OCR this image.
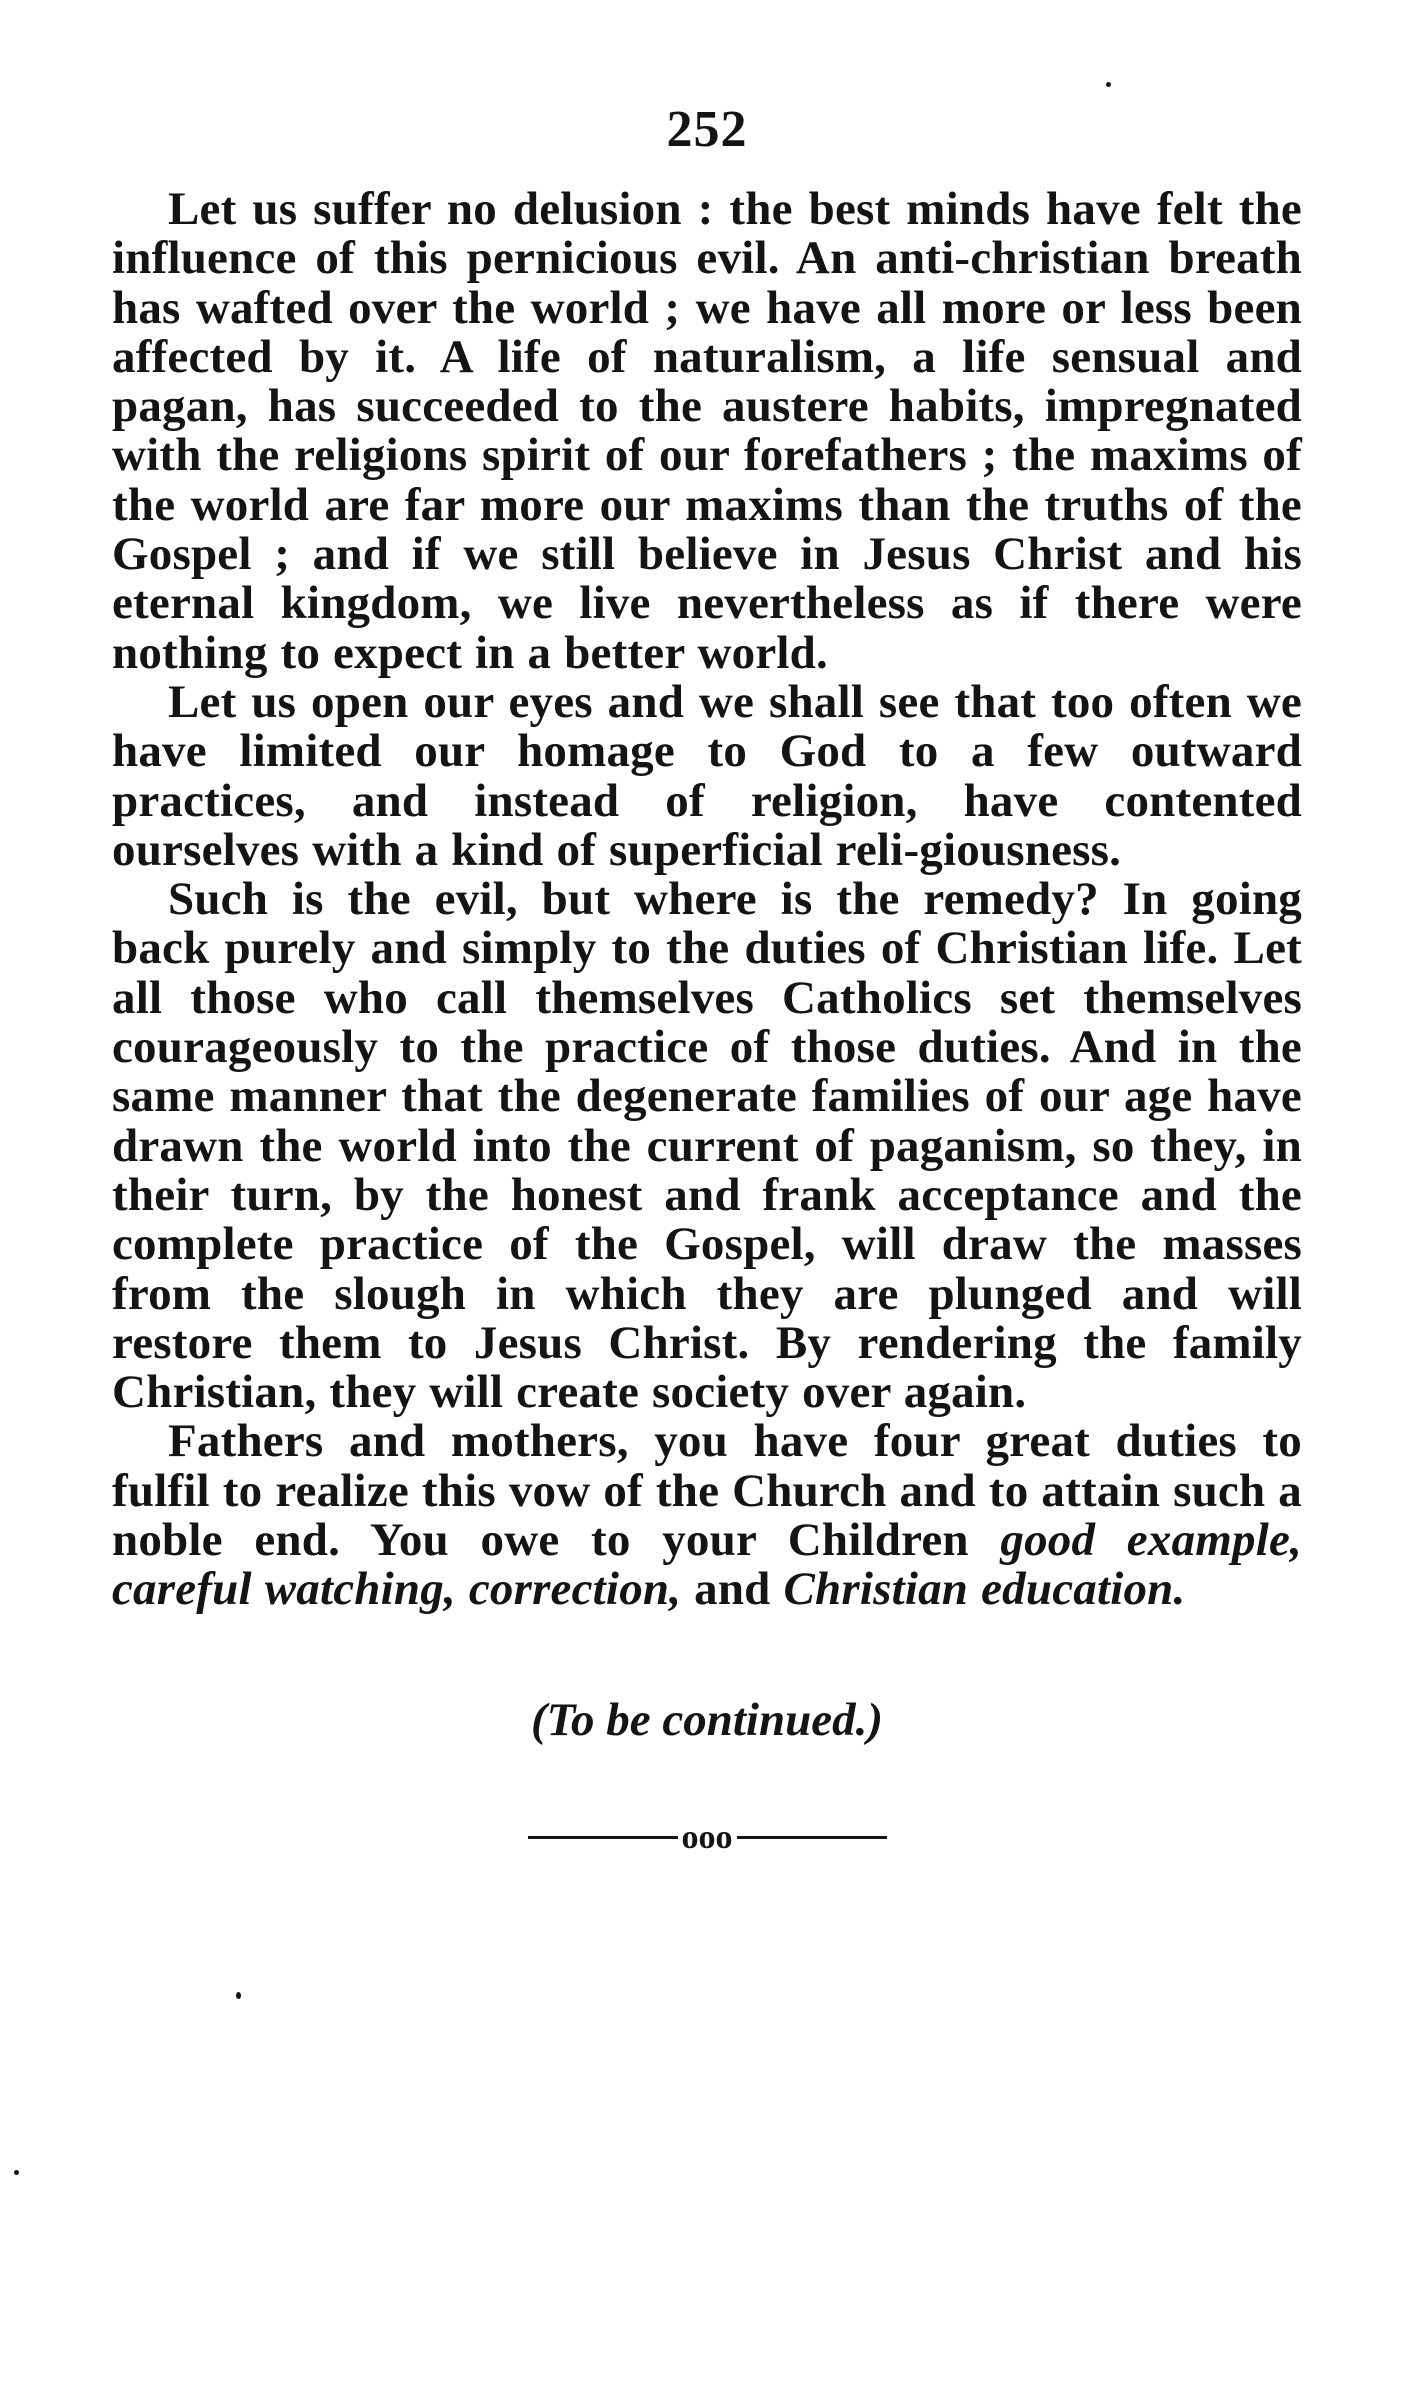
252

Let us suffer no delusion : the best minds have felt the influence of this pernicious evil. An anti-christian breath has wafted over the world ; we have all more or less been affected by it. A life of naturalism, a life sensual and pagan, has succeeded to the austere habits, impregnated with the religions spirit of our forefathers ; the maxims of the world are far more our maxims than the truths of the Gospel ; and if we still believe in Jesus Christ and his eternal kingdom, we live nevertheless as if there were nothing to expect in a better world.

Let us open our eyes and we shall see that too often we have limited our homage to God to a few outward practices, and instead of religion, have contented ourselves with a kind of superficial reli-giousness.

Such is the evil, but where is the remedy? In going back purely and simply to the duties of Christian life. Let all those who call themselves Catholics set themselves courageously to the practice of those duties. And in the same manner that the degenerate families of our age have drawn the world into the current of paganism, so they, in their turn, by the honest and frank acceptance and the complete practice of the Gospel, will draw the masses from the slough in which they are plunged and will restore them to Jesus Christ. By rendering the family Christian, they will create society over again.

Fathers and mothers, you have four great duties to fulfil to realize this vow of the Church and to attain such a noble end. You owe to your Children good example, careful watching, correction, and Christian education.

(To be continued.)
ooo
